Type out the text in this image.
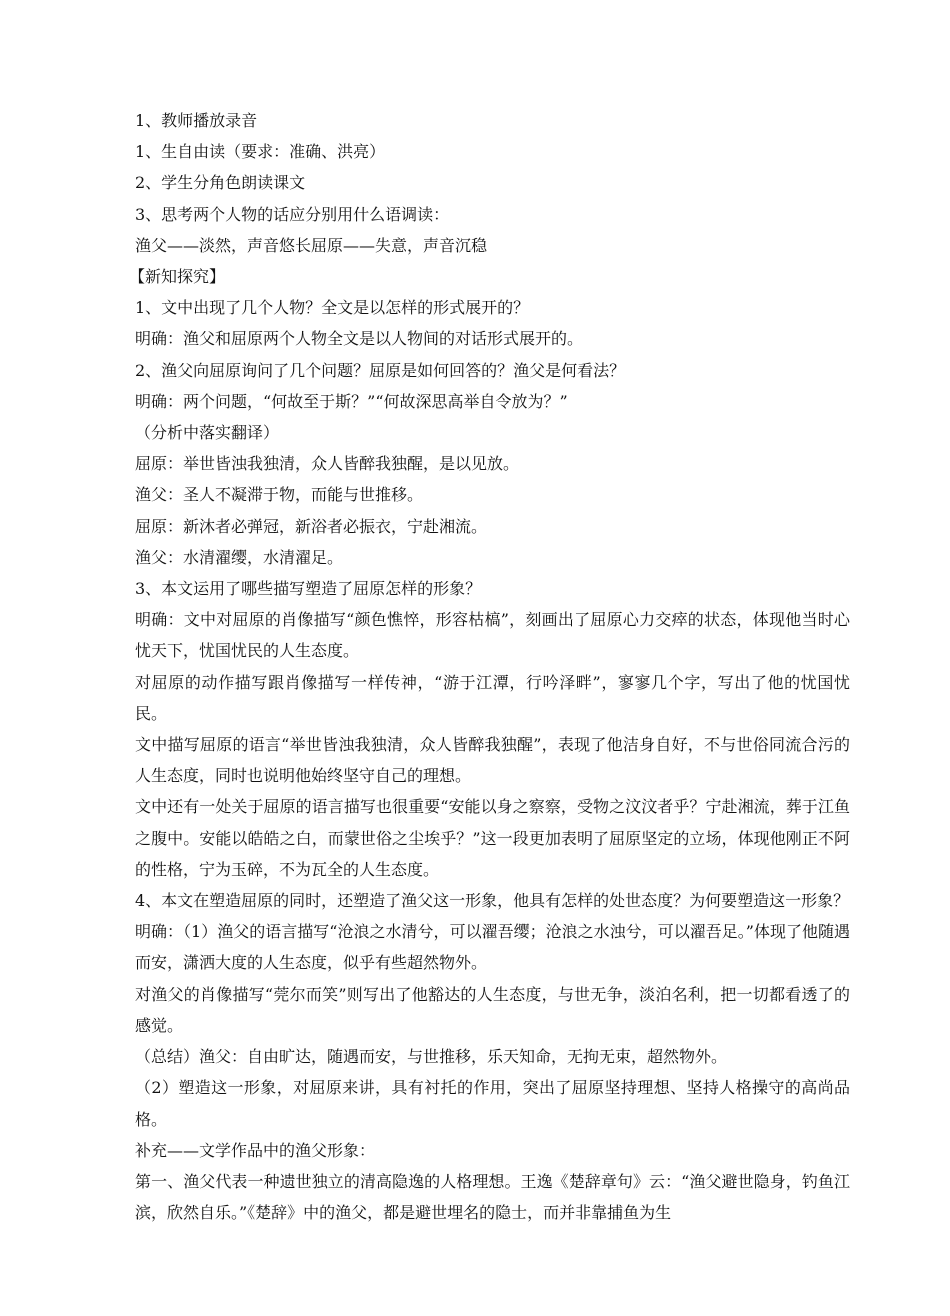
1、教师播放录音

1、生自由读（要求：准确、洪亮）

2、学生分角色朗读课文

3、思考两个人物的话应分别用什么语调读：

渔父——淡然，声音悠长屈原——失意，声音沉稳

【新知探究】

1、文中出现了几个人物？全文是以怎样的形式展开的？

明确：渔父和屈原两个人物全文是以人物间的对话形式展开的。

2、渔父向屈原询问了几个问题？屈原是如何回答的？渔父是何看法？

明确：两个问题，“何故至于斯？”“何故深思高举自令放为？”

（分析中落实翻译）

屈原：举世皆浊我独清，众人皆醉我独醒，是以见放。

渔父：圣人不凝滞于物，而能与世推移。

屈原：新沐者必弹冠，新浴者必振衣，宁赴湘流。

渔父：水清濯缨，水清濯足。

3、本文运用了哪些描写塑造了屈原怎样的形象？

明确：文中对屈原的肖像描写“颜色憔悴，形容枯槁”，刻画出了屈原心力交瘁的状态，体现他当时心忧天下，忧国忧民的人生态度。

对屈原的动作描写跟肖像描写一样传神，“游于江潭，行吟泽畔”，寥寥几个字，写出了他的忧国忧民。

文中描写屈原的语言“举世皆浊我独清，众人皆醉我独醒”，表现了他洁身自好，不与世俗同流合污的人生态度，同时也说明他始终坚守自己的理想。

文中还有一处关于屈原的语言描写也很重要“安能以身之察察，受物之汶汶者乎？宁赴湘流，葬于江鱼之腹中。安能以皓皓之白，而蒙世俗之尘埃乎？”这一段更加表明了屈原坚定的立场，体现他刚正不阿的性格，宁为玉碎，不为瓦全的人生态度。

4、本文在塑造屈原的同时，还塑造了渔父这一形象，他具有怎样的处世态度？为何要塑造这一形象？

明确：（1）渔父的语言描写“沧浪之水清兮，可以濯吾缨；沧浪之水浊兮，可以濯吾足。”体现了他随遇而安，潇洒大度的人生态度，似乎有些超然物外。

对渔父的肖像描写“莞尔而笑”则写出了他豁达的人生态度，与世无争，淡泊名利，把一切都看透了的感觉。

（总结）渔父：自由旷达，随遇而安，与世推移，乐天知命，无拘无束，超然物外。

（2）塑造这一形象，对屈原来讲，具有衬托的作用，突出了屈原坚持理想、坚持人格操守的高尚品格。

补充——文学作品中的渔父形象：

第一、渔父代表一种遗世独立的清高隐逸的人格理想。王逸《楚辞章句》云：“渔父避世隐身，钓鱼江滨，欣然自乐。”《楚辞》中的渔父，都是避世埋名的隐士，而并非靠捕鱼为生
